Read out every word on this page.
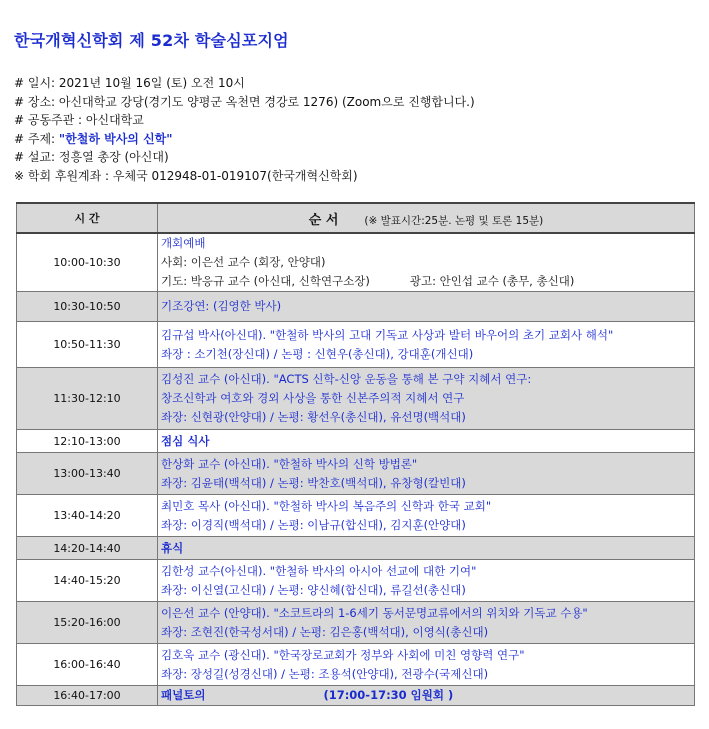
한국개혁신학회 제 52차 학술심포지엄
# 일시: 2021년 10월 16일 (토) 오전 10시
# 장소: 아신대학교 강당(경기도 양평군 옥천면 경강로 1276) (Zoom으로 진행합니다.)
# 공동주관 : 아신대학교
# 주제: "한철하 박사의 신학"
# 설교: 정흥열 총장 (아신대)
※ 학회 후원계좌 : 우체국 012948-01-019107(한국개혁신학회)
시 간	순 서 (※ 발표시간:25분. 논평 및 토론 15분)
10:00-10:30	개회예배
사회: 이은선 교수 (회장, 안양대)
기도: 박응규 교수 (아신대, 신학연구소장) 광고: 안인섭 교수 (총무, 총신대)

10:30-10:50	기조강연: (김영한 박사)

10:50-11:30	김규섭 박사(아신대). "한철하 박사의 고대 기독교 사상과 발터 바우어의 초기 교회사 해석"
좌장 : 소기천(장신대) / 논평 : 신현우(총신대), 강대훈(개신대)

11:30-12:10	김성진 교수 (아신대). "ACTS 신학-신앙 운동을 통해 본 구약 지혜서 연구:
창조신학과 여호와 경외 사상을 통한 신본주의적 지혜서 연구
좌장: 신현광(안양대) / 논평: 황선우(총신대), 유선명(백석대)

12:10-13:00	점심 식사

13:00-13:40	한상화 교수 (아신대). "한철하 박사의 신학 방법론"
좌장: 김윤태(백석대) / 논평: 박찬호(백석대), 유창형(칼빈대)

13:40-14:20	최민호 목사 (아신대). "한철하 박사의 복음주의 신학과 한국 교회"
좌장: 이경직(백석대) / 논평: 이남규(합신대), 김지훈(안양대)

14:20-14:40	휴식

14:40-15:20	김한성 교수(아신대). "한철하 박사의 아시아 선교에 대한 기여"
좌장: 이신열(고신대) / 논평: 양신혜(합신대), 류길선(총신대)

15:20-16:00	이은선 교수 (안양대). "소코트라의 1-6세기 동서문명교류에서의 위치와 기독교 수용"
좌장: 조현진(한국성서대) / 논평: 김은홍(백석대), 이영식(총신대)

16:00-16:40	김호욱 교수 (광신대). "한국장로교회가 정부와 사회에 미친 영향력 연구"
좌장: 장성길(성경신대) / 논평: 조용석(안양대), 전광수(국제신대)

16:40-17:00	패널토의 (17:00-17:30 임원회 )
